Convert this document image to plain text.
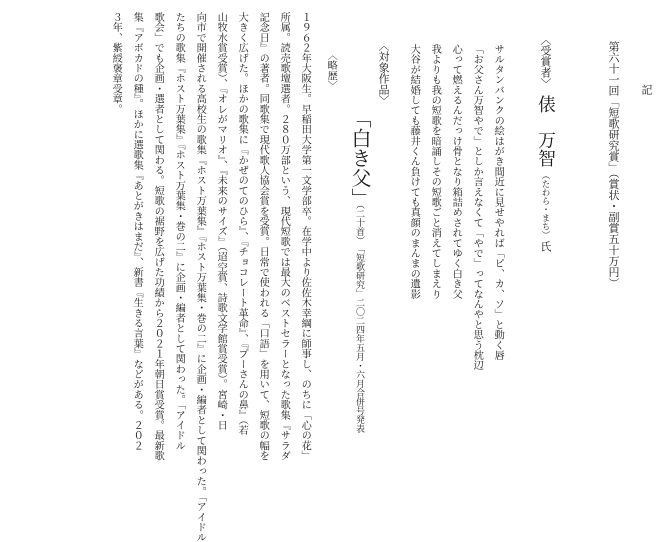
記
第六十一回「短歌研究賞」（賞状・副賞五十万円）
〈受賞者〉俵　万智（たわら・まち）氏
サルタンバンクの絵はがき間近に見せやれば「ピ、カ、ソ」と動く唇
「お父さん万智やで」としか言えなくて「やで」ってなんやと思う枕辺
心って燃えるんだっけ骨となり箱詰めされてゆく白き父
我よりも我の短歌を暗誦しその短歌ごと消えてしまえり
大谷が結婚しても藤井くん負けても真顔のまんまの遺影
〈対象作品〉
「白き父」
（二十首）
「短歌研究」二〇二四年五月・六月合併号発表
〈略歴〉
１９６２年大阪生。早稲田大学第一文学部卒。在学中より佐佐木幸綱に師事し、のちに「心の花」
所属。読売歌壇選者。２８０万部という、現代短歌では最大のベストセラーとなった歌集『サラダ
記念日』の著者。同歌集で現代歌人協会賞を受賞。日常で使われる「口語」を用いて、短歌の幅を
大きく広げた。ほかの歌集に『かぜのてのひら』、『チョコレート革命』、『プーさんの鼻』（若
山牧水賞受賞）、『オレがマリオ』、『未来のサイズ』（迢空賞、詩歌文学館賞受賞）。宮崎・日
向市で開催される高校生の歌集『ホスト万葉集』『ホスト万葉集・巻の二』に企画・編者として関わった。「アイドル
たちの歌集『ホスト万葉集』『ホスト万葉集・巻の二』に企画・編者として関わった。「アイドル
歌会」でも企画・選者として関わる。短歌の裾野を広げた功績から２０２１年朝日賞受賞。最新歌
集『アボカドの種』。ほかに選歌集『あとがきはまだ』、新書『生きる言葉』などがある。２０２
３年、紫綬褒章受章。
